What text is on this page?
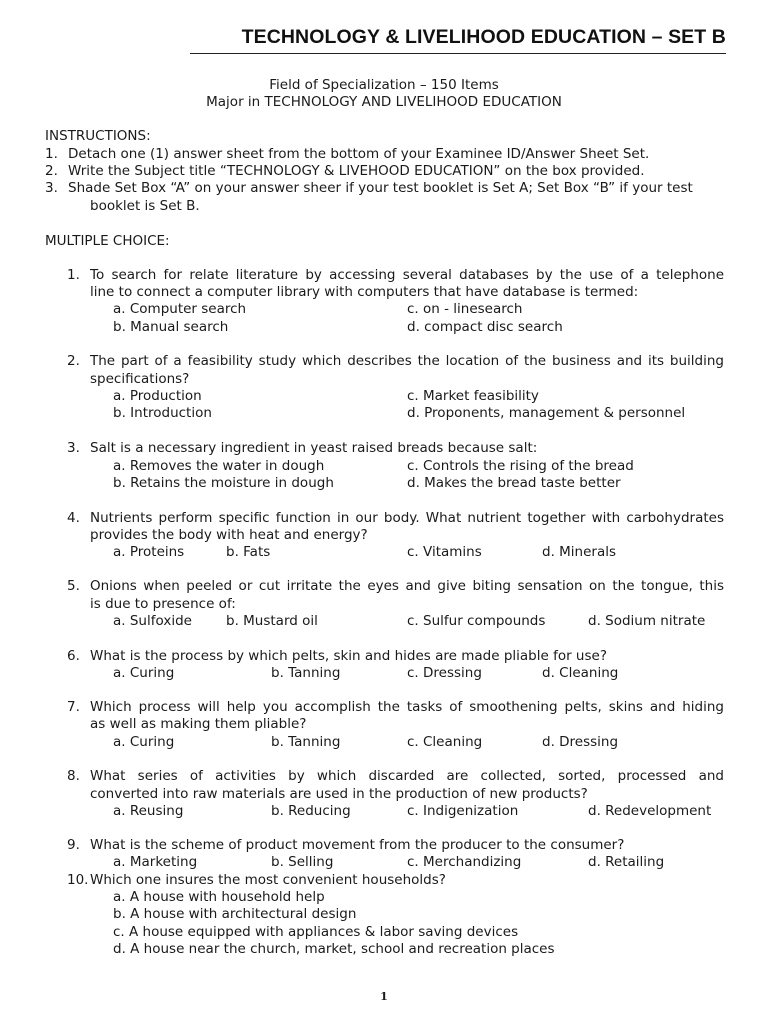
TECHNOLOGY & LIVELIHOOD EDUCATION – SET B
Field of Specialization – 150 Items
Major in TECHNOLOGY AND LIVELIHOOD EDUCATION
INSTRUCTIONS:
1. Detach one (1) answer sheet from the bottom of your Examinee ID/Answer Sheet Set.
2. Write the Subject title “TECHNOLOGY & LIVEHOOD EDUCATION” on the box provided.
3. Shade Set Box “A” on your answer sheer if your test booklet is Set A; Set Box “B” if your test
booklet is Set B.
MULTIPLE CHOICE:
1. To search for relate literature by accessing several databases by the use of a telephone
line to connect a computer library with computers that have database is termed:
a. Computer search	c. on - linesearch
b. Manual search	d. compact disc search
2. The part of a feasibility study which describes the location of the business and its building
specifications?
a. Production	c. Market feasibility
b. Introduction	d. Proponents, management & personnel
3. Salt is a necessary ingredient in yeast raised breads because salt:
a. Removes the water in dough	c. Controls the rising of the bread
b. Retains the moisture in dough	d. Makes the bread taste better
4. Nutrients perform specific function in our body. What nutrient together with carbohydrates
provides the body with heat and energy?
a. Proteins	b. Fats	c. Vitamins	d. Minerals
5. Onions when peeled or cut irritate the eyes and give biting sensation on the tongue, this
is due to presence of:
a. Sulfoxide	b. Mustard oil	c. Sulfur compounds	d. Sodium nitrate
6. What is the process by which pelts, skin and hides are made pliable for use?
a. Curing	b. Tanning	c. Dressing	d. Cleaning
7. Which process will help you accomplish the tasks of smoothening pelts, skins and hiding
as well as making them pliable?
a. Curing	b. Tanning	c. Cleaning	d. Dressing
8. What series of activities by which discarded are collected, sorted, processed and
converted into raw materials are used in the production of new products?
a. Reusing	b. Reducing	c. Indigenization	d. Redevelopment
9. What is the scheme of product movement from the producer to the consumer?
a. Marketing	b. Selling	c. Merchandizing	d. Retailing
10. Which one insures the most convenient households?
a. A house with household help
b. A house with architectural design
c. A house equipped with appliances & labor saving devices
d. A house near the church, market, school and recreation places
1
